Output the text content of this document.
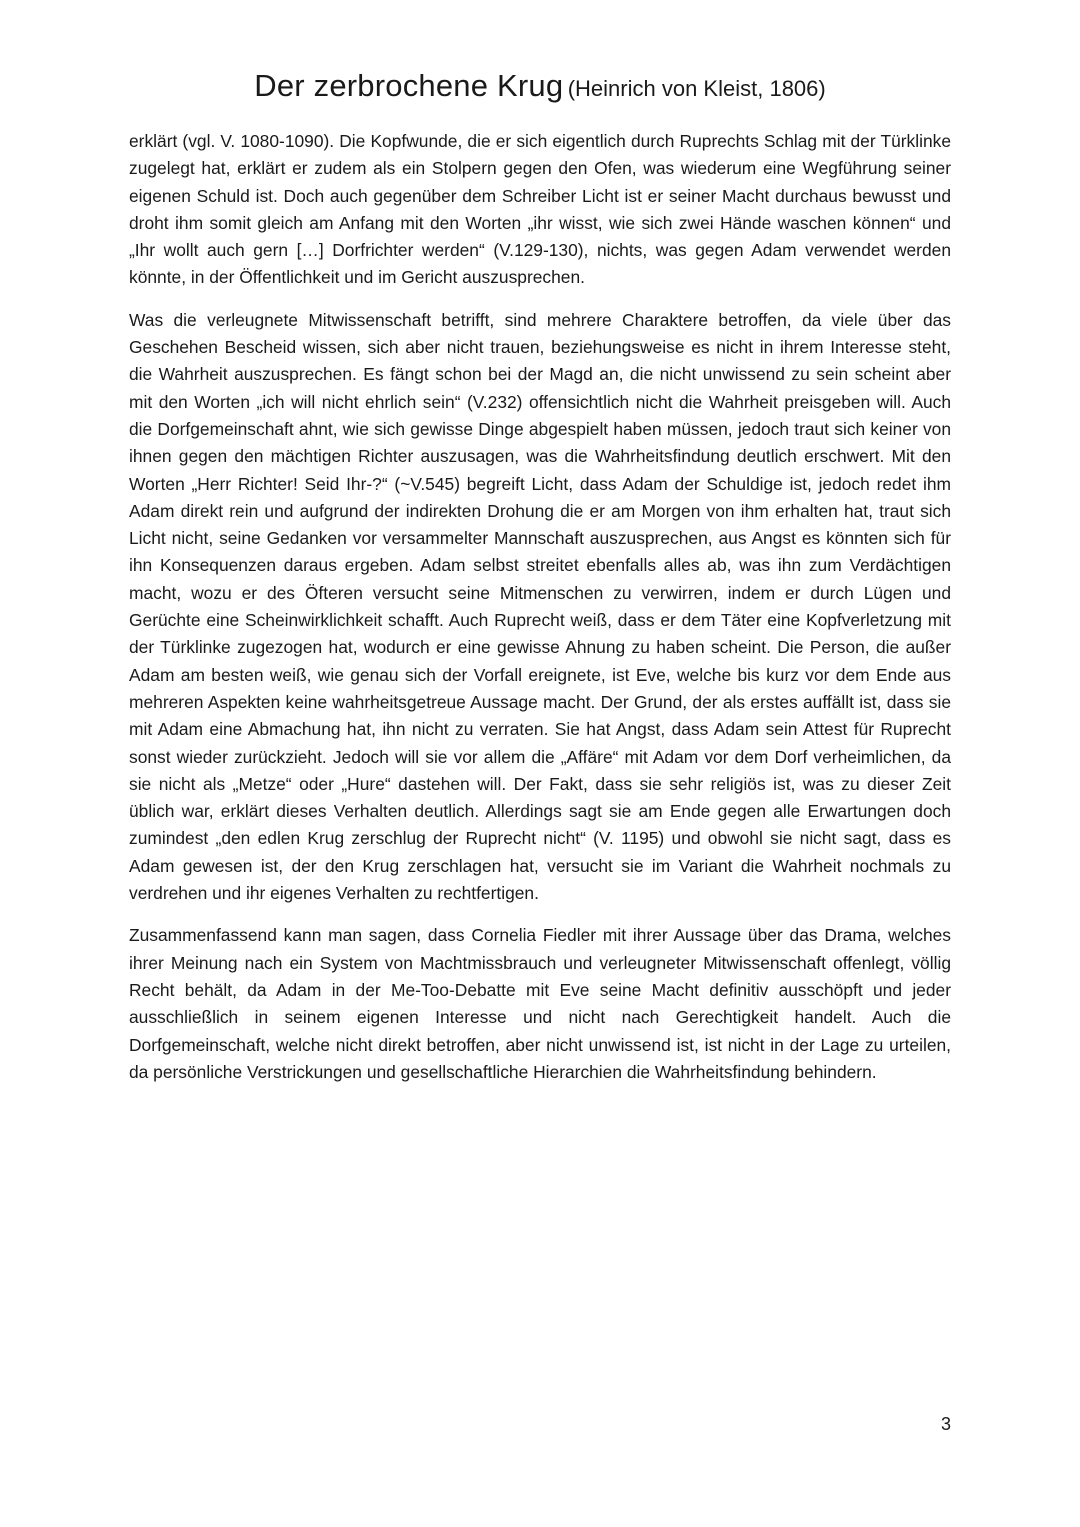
Der zerbrochene Krug (Heinrich von Kleist, 1806)

erklärt (vgl. V. 1080-1090). Die Kopfwunde, die er sich eigentlich durch Ruprechts Schlag mit der Türklinke zugelegt hat, erklärt er zudem als ein Stolpern gegen den Ofen, was wiederum eine Wegführung seiner eigenen Schuld ist. Doch auch gegenüber dem Schreiber Licht ist er seiner Macht durchaus bewusst und droht ihm somit gleich am Anfang mit den Worten „ihr wisst, wie sich zwei Hände waschen können“ und „Ihr wollt auch gern […] Dorfrichter werden“ (V.129-130), nichts, was gegen Adam verwendet werden könnte, in der Öffentlichkeit und im Gericht auszusprechen.

Was die verleugnete Mitwissenschaft betrifft, sind mehrere Charaktere betroffen, da viele über das Geschehen Bescheid wissen, sich aber nicht trauen, beziehungsweise es nicht in ihrem Interesse steht, die Wahrheit auszusprechen. Es fängt schon bei der Magd an, die nicht unwissend zu sein scheint aber mit den Worten „ich will nicht ehrlich sein“ (V.232) offensichtlich nicht die Wahrheit preisgeben will. Auch die Dorfgemeinschaft ahnt, wie sich gewisse Dinge abgespielt haben müssen, jedoch traut sich keiner von ihnen gegen den mächtigen Richter auszusagen, was die Wahrheitsfindung deutlich erschwert. Mit den Worten „Herr Richter! Seid Ihr-?“ (~V.545) begreift Licht, dass Adam der Schuldige ist, jedoch redet ihm Adam direkt rein und aufgrund der indirekten Drohung die er am Morgen von ihm erhalten hat, traut sich Licht nicht, seine Gedanken vor versammelter Mannschaft auszusprechen, aus Angst es könnten sich für ihn Konsequenzen daraus ergeben. Adam selbst streitet ebenfalls alles ab, was ihn zum Verdächtigen macht, wozu er des Öfteren versucht seine Mitmenschen zu verwirren, indem er durch Lügen und Gerüchte eine Scheinwirklichkeit schafft. Auch Ruprecht weiß, dass er dem Täter eine Kopfverletzung mit der Türklinke zugezogen hat, wodurch er eine gewisse Ahnung zu haben scheint. Die Person, die außer Adam am besten weiß, wie genau sich der Vorfall ereignete, ist Eve, welche bis kurz vor dem Ende aus mehreren Aspekten keine wahrheitsgetreue Aussage macht. Der Grund, der als erstes auffällt ist, dass sie mit Adam eine Abmachung hat, ihn nicht zu verraten. Sie hat Angst, dass Adam sein Attest für Ruprecht sonst wieder zurückzieht. Jedoch will sie vor allem die „Affäre“ mit Adam vor dem Dorf verheimlichen, da sie nicht als „Metze“ oder „Hure“ dastehen will. Der Fakt, dass sie sehr religiös ist, was zu dieser Zeit üblich war, erklärt dieses Verhalten deutlich. Allerdings sagt sie am Ende gegen alle Erwartungen doch zumindest „den edlen Krug zerschlug der Ruprecht nicht“ (V. 1195) und obwohl sie nicht sagt, dass es Adam gewesen ist, der den Krug zerschlagen hat, versucht sie im Variant die Wahrheit nochmals zu verdrehen und ihr eigenes Verhalten zu rechtfertigen.

Zusammenfassend kann man sagen, dass Cornelia Fiedler mit ihrer Aussage über das Drama, welches ihrer Meinung nach ein System von Machtmissbrauch und verleugneter Mitwissenschaft offenlegt, völlig Recht behält, da Adam in der Me-Too-Debatte mit Eve seine Macht definitiv ausschöpft und jeder ausschließlich in seinem eigenen Interesse und nicht nach Gerechtigkeit handelt. Auch die Dorfgemeinschaft, welche nicht direkt betroffen, aber nicht unwissend ist, ist nicht in der Lage zu urteilen, da persönliche Verstrickungen und gesellschaftliche Hierarchien die Wahrheitsfindung behindern.

3
